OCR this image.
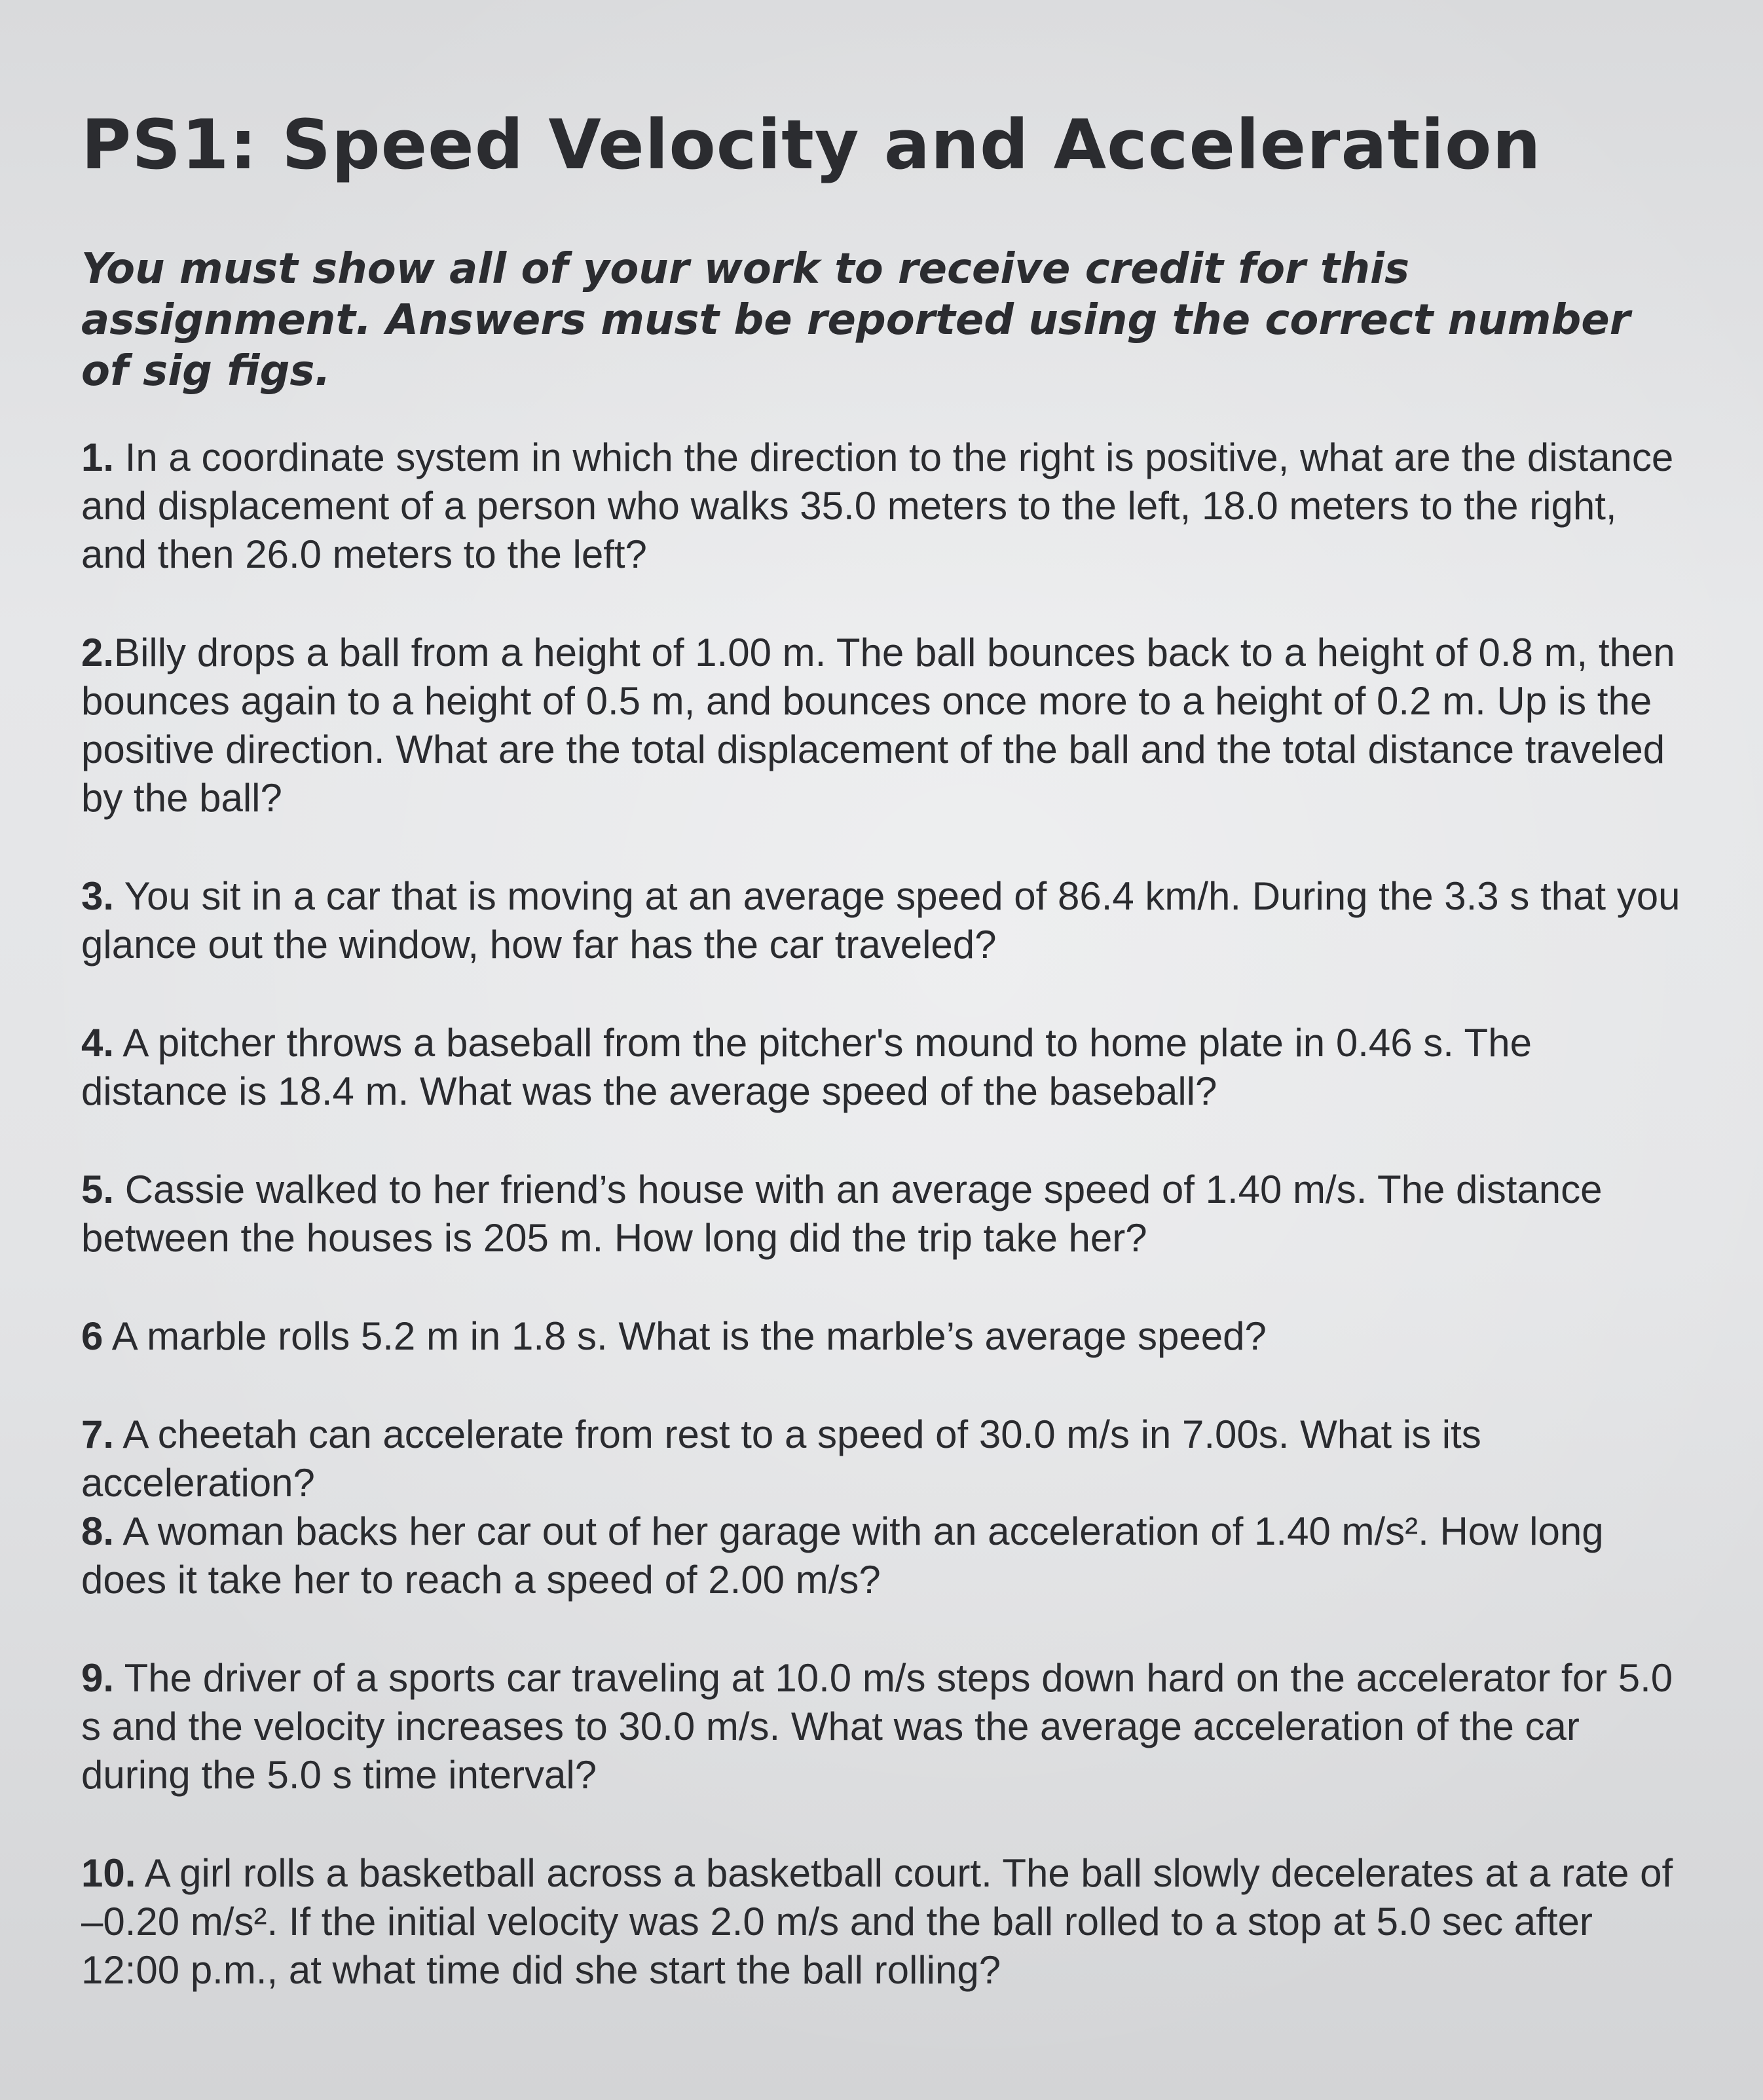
PS1: Speed Velocity and Acceleration

You must show all of your work to receive credit for this assignment. Answers must be reported using the correct number of sig figs.

1. In a coordinate system in which the direction to the right is positive, what are the distance and displacement of a person who walks 35.0 meters to the left, 18.0 meters to the right, and then 26.0 meters to the left?

2.Billy drops a ball from a height of 1.00 m. The ball bounces back to a height of 0.8 m, then bounces again to a height of 0.5 m, and bounces once more to a height of 0.2 m. Up is the positive direction. What are the total displacement of the ball and the total distance traveled by the ball?

3. You sit in a car that is moving at an average speed of 86.4 km/h. During the 3.3 s that you glance out the window, how far has the car traveled?

4. A pitcher throws a baseball from the pitcher's mound to home plate in 0.46 s. The distance is 18.4 m. What was the average speed of the baseball?

5. Cassie walked to her friend’s house with an average speed of 1.40 m/s. The distance between the houses is 205 m. How long did the trip take her?

6 A marble rolls 5.2 m in 1.8 s. What is the marble’s average speed?

7. A cheetah can accelerate from rest to a speed of 30.0 m/s in 7.00s. What is its acceleration?

8. A woman backs her car out of her garage with an acceleration of 1.40 m/s². How long does it take her to reach a speed of 2.00 m/s?

9. The driver of a sports car traveling at 10.0 m/s steps down hard on the accelerator for 5.0 s and the velocity increases to 30.0 m/s. What was the average acceleration of the car during the 5.0 s time interval?

10. A girl rolls a basketball across a basketball court. The ball slowly decelerates at a rate of –0.20 m/s². If the initial velocity was 2.0 m/s and the ball rolled to a stop at 5.0 sec after 12:00 p.m., at what time did she start the ball rolling?
